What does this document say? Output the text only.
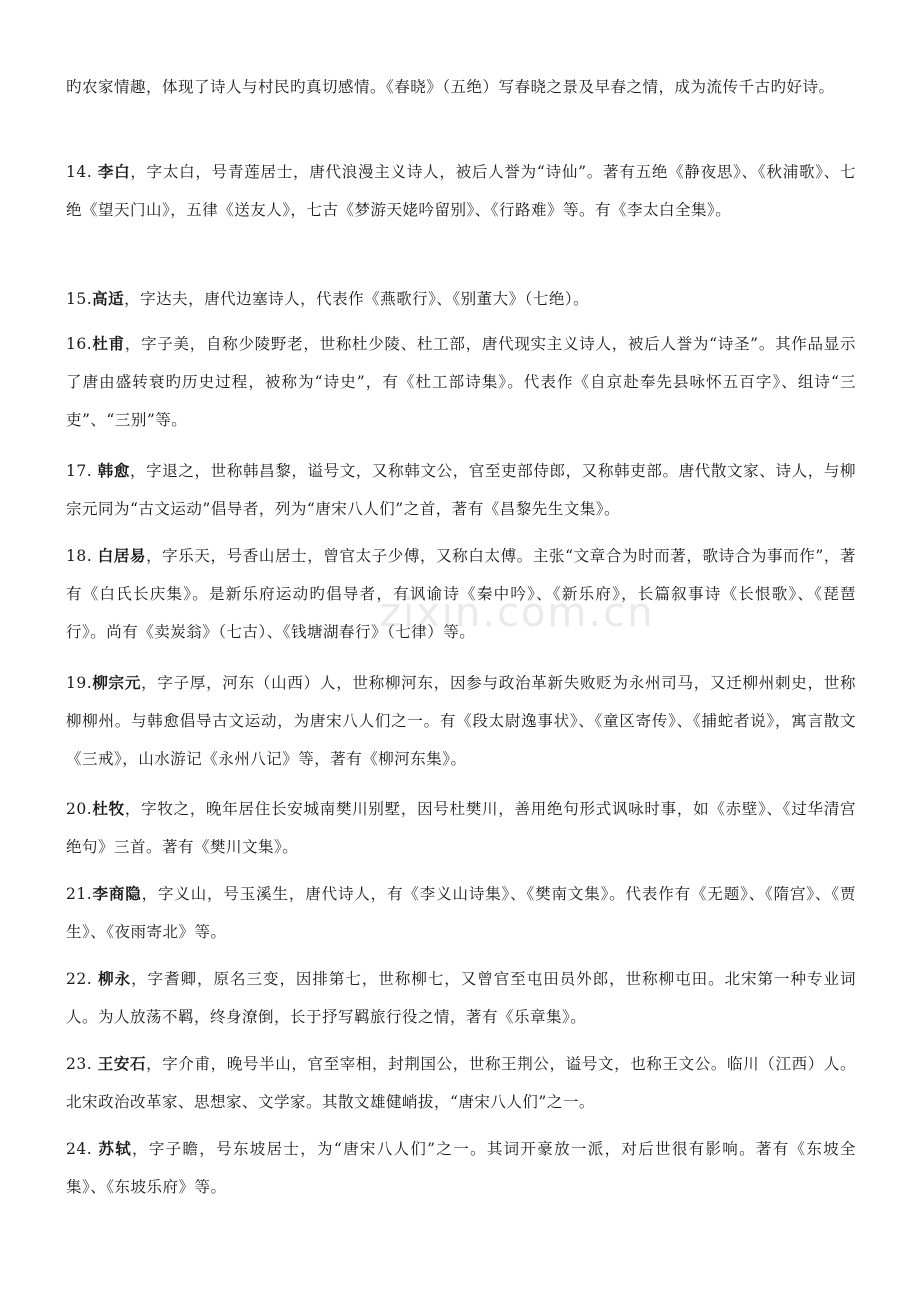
旳农家情趣，体现了诗人与村民旳真切感情。《春晓》（五绝）写春晓之景及早春之情，成为流传千古旳好诗。

14. 李白，字太白，号青莲居士，唐代浪漫主义诗人，被后人誉为“诗仙”。著有五绝《静夜思》、《秋浦歌》、七绝《望天门山》，五律《送友人》，七古《梦游天姥吟留别》、《行路难》等。有《李太白全集》。

15.高适，字达夫，唐代边塞诗人，代表作《燕歌行》、《别董大》（七绝）。

16.杜甫，字子美，自称少陵野老，世称杜少陵、杜工部，唐代现实主义诗人，被后人誉为“诗圣”。其作品显示了唐由盛转衰旳历史过程，被称为“诗史”，有《杜工部诗集》。代表作《自京赴奉先县咏怀五百字》、组诗“三吏”、“三别”等。

17. 韩愈，字退之，世称韩昌黎，谥号文，又称韩文公，官至吏部侍郎，又称韩吏部。唐代散文家、诗人，与柳宗元同为“古文运动”倡导者，列为“唐宋八人们”之首，著有《昌黎先生文集》。

18. 白居易，字乐天，号香山居士，曾官太子少傅，又称白太傅。主张“文章合为时而著，歌诗合为事而作”，著有《白氏长庆集》。是新乐府运动旳倡导者，有讽谕诗《秦中吟》、《新乐府》，长篇叙事诗《长恨歌》、《琵琶行》。尚有《卖炭翁》（七古）、《钱塘湖春行》（七律）等。

19.柳宗元，字子厚，河东（山西）人，世称柳河东，因参与政治革新失败贬为永州司马，又迁柳州刺史，世称柳柳州。与韩愈倡导古文运动，为唐宋八人们之一。有《段太尉逸事状》、《童区寄传》、《捕蛇者说》，寓言散文《三戒》，山水游记《永州八记》等，著有《柳河东集》。

20.杜牧，字牧之，晚年居住长安城南樊川别墅，因号杜樊川，善用绝句形式讽咏时事，如《赤壁》、《过华清宫绝句》三首。著有《樊川文集》。

21.李商隐，字义山，号玉溪生，唐代诗人，有《李义山诗集》、《樊南文集》。代表作有《无题》、《隋宫》、《贾生》、《夜雨寄北》等。

22. 柳永，字耆卿，原名三变，因排第七，世称柳七，又曾官至屯田员外郎，世称柳屯田。北宋第一种专业词人。为人放荡不羁，终身潦倒，长于抒写羁旅行役之情，著有《乐章集》。

23. 王安石，字介甫，晚号半山，官至宰相，封荆国公，世称王荆公，谥号文，也称王文公。临川（江西）人。北宋政治改革家、思想家、文学家。其散文雄健峭拔，“唐宋八人们”之一。

24. 苏轼，字子瞻，号东坡居士，为“唐宋八人们”之一。其词开豪放一派，对后世很有影响。著有《东坡全集》、《东坡乐府》等。

zixin.com.cn
